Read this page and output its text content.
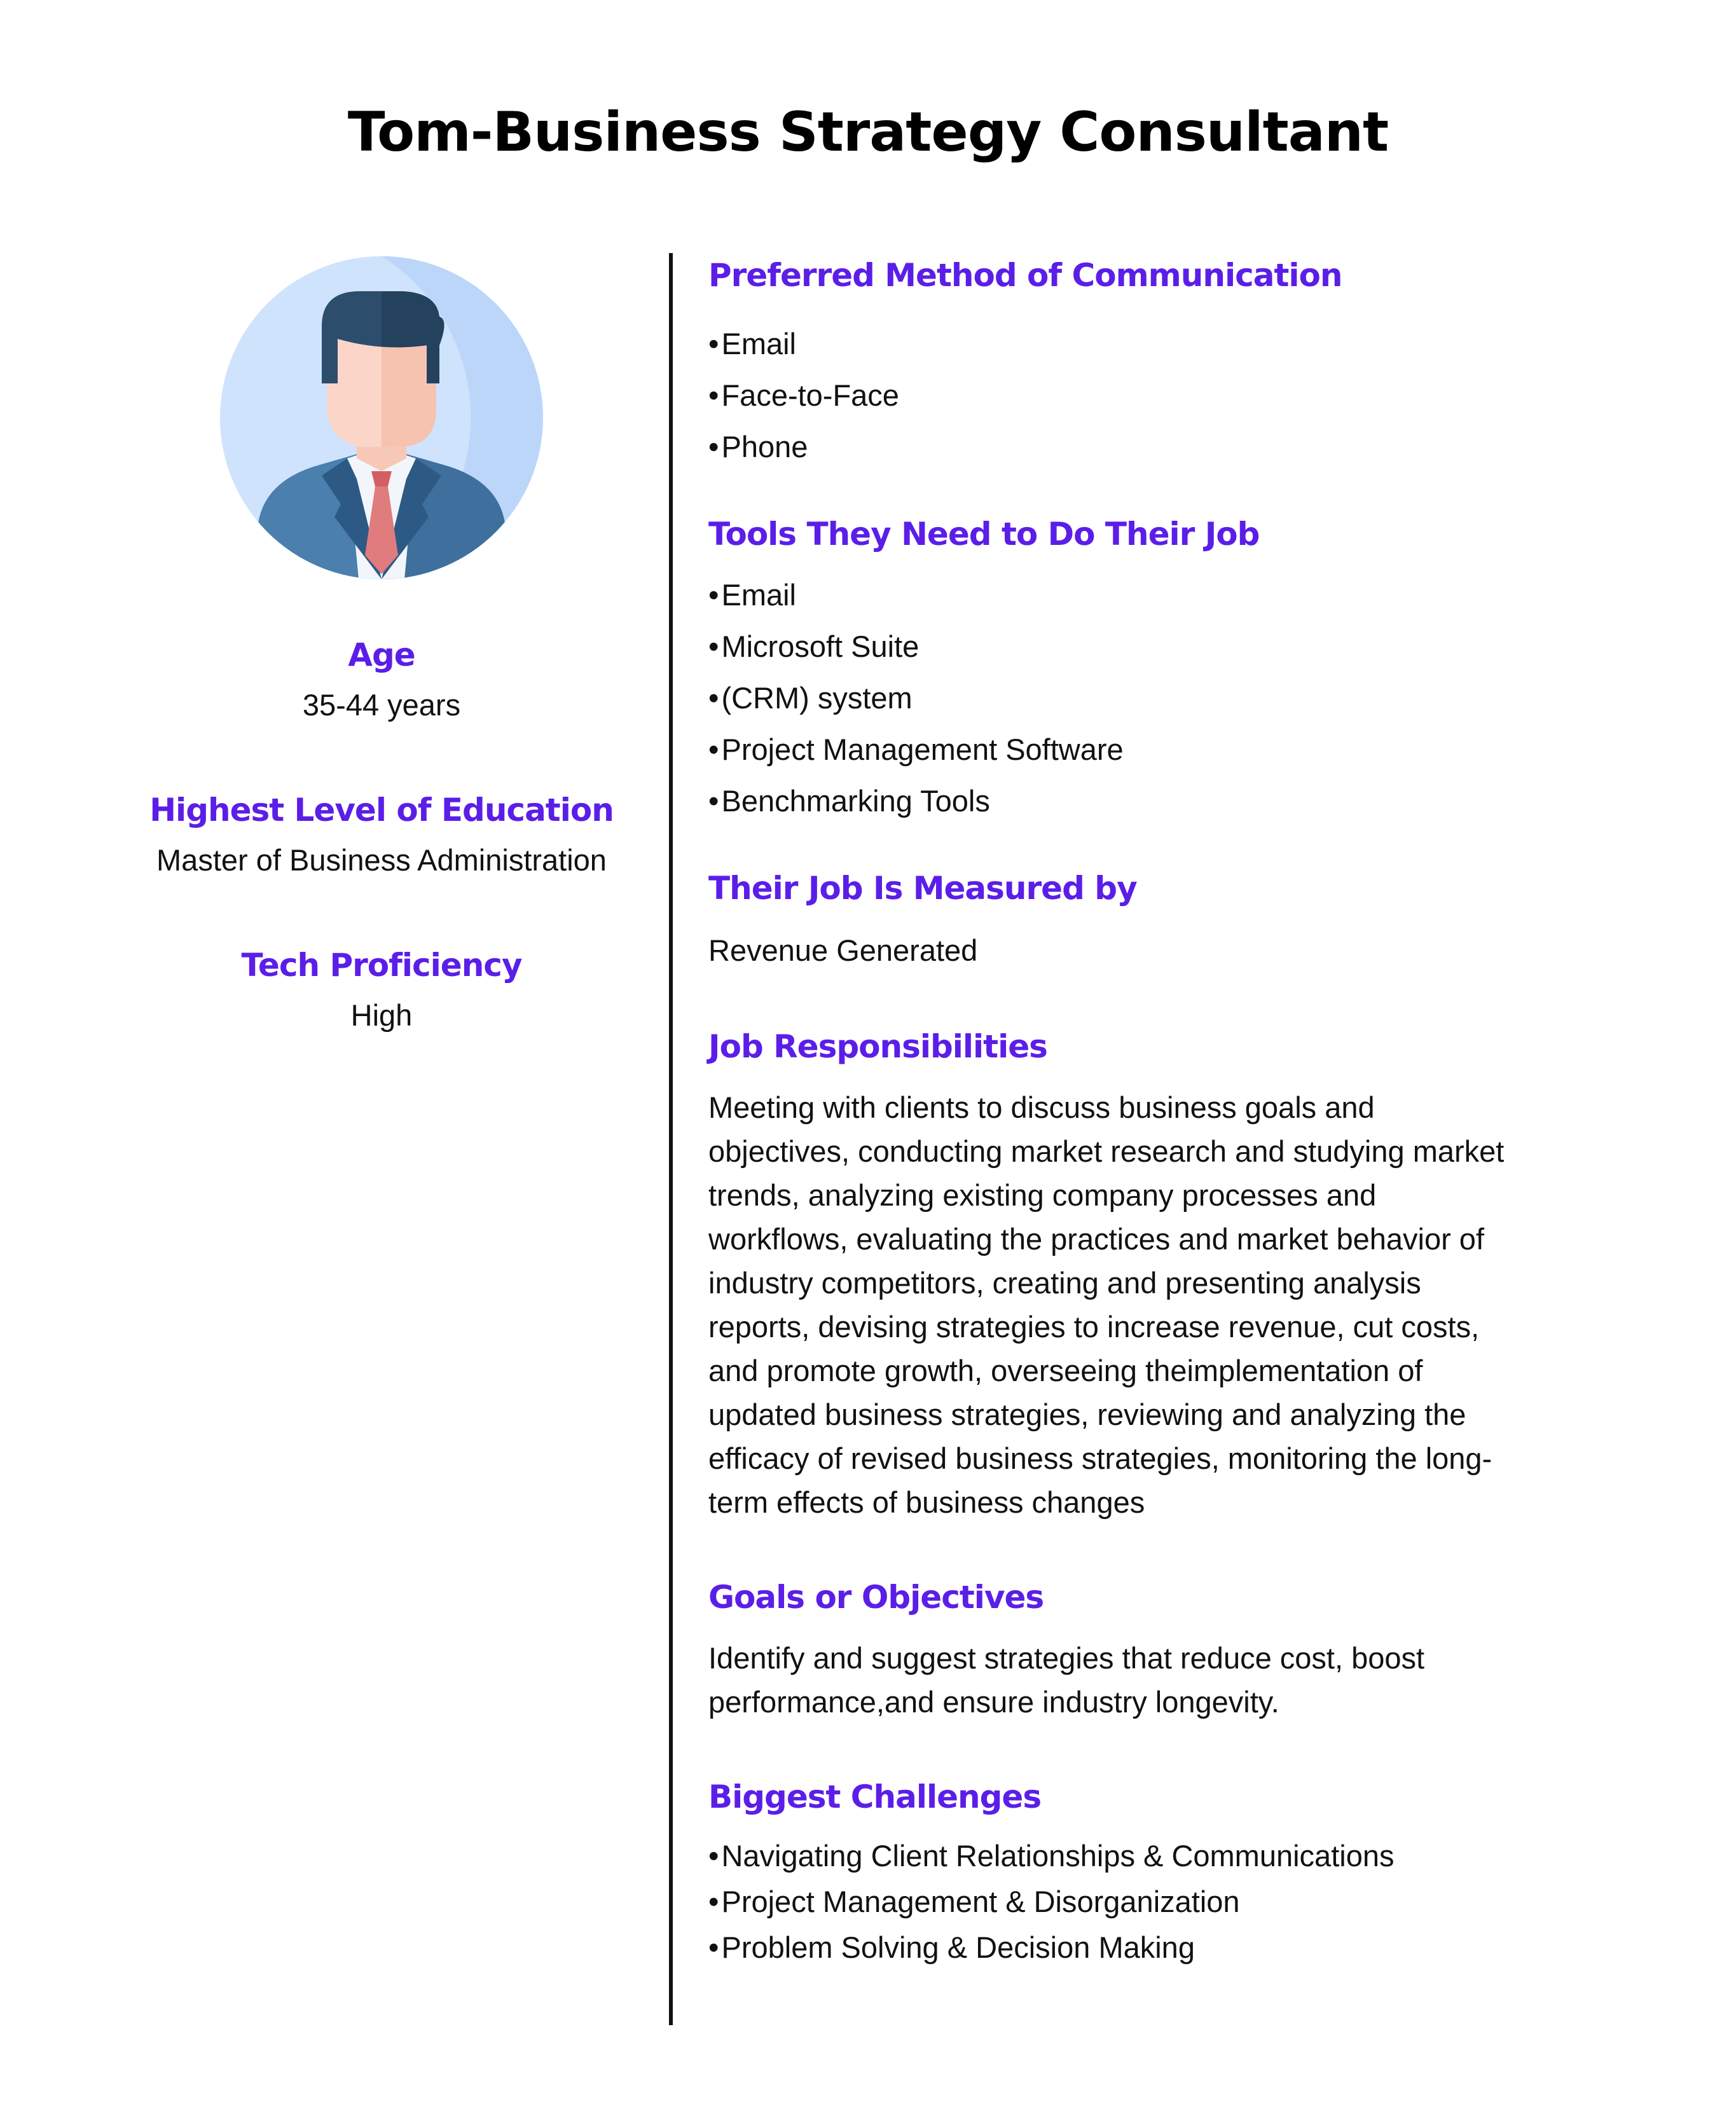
Tom-Business Strategy Consultant

Age

35-44 years

Highest Level of Education

Master of Business Administration

Tech Proficiency

High

Preferred Method of Communication
•Email
•Face-to-Face
•Phone
Tools They Need to Do Their Job
•Email
•Microsoft Suite
•(CRM) system
•Project Management Software
•Benchmarking Tools
Their Job Is Measured by

Revenue Generated

Job Responsibilities

Meeting with clients to discuss business goals and

objectives, conducting market research and studying market

trends, analyzing existing company processes and

workflows, evaluating the practices and market behavior of

industry competitors, creating and presenting analysis

reports, devising strategies to increase revenue, cut costs,

and promote growth, overseeing theimplementation of

updated business strategies, reviewing and analyzing the

efficacy of revised business strategies, monitoring the long-

term effects of business changes

Goals or Objectives

Identify and suggest strategies that reduce cost, boost

performance,and ensure industry longevity.

Biggest Challenges
•Navigating Client Relationships & Communications
•Project Management & Disorganization
•Problem Solving & Decision Making
